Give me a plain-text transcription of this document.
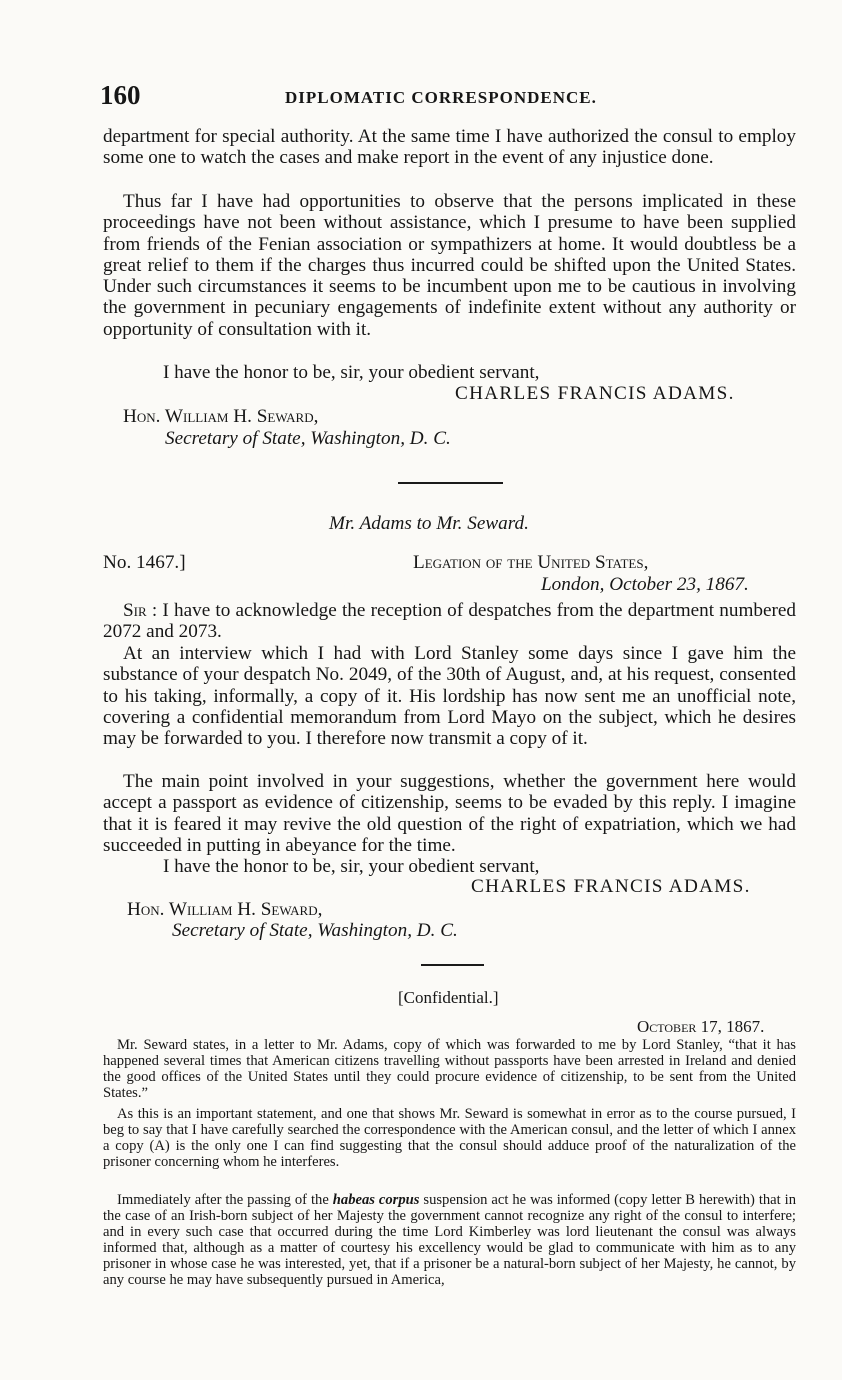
160	DIPLOMATIC CORRESPONDENCE.

department for special authority. At the same time I have authorized the consul to employ some one to watch the cases and make report in the event of any injustice done.

Thus far I have had opportunities to observe that the persons implicated in these proceedings have not been without assistance, which I presume to have been supplied from friends of the Fenian association or sympathizers at home. It would doubtless be a great relief to them if the charges thus incurred could be shifted upon the United States. Under such circumstances it seems to be incumbent upon me to be cautious in involving the government in pecuniary engagements of indefinite extent without any authority or opportunity of consultation with it.

I have the honor to be, sir, your obedient servant,
CHARLES FRANCIS ADAMS.
Hon. William H. Seward,
Secretary of State, Washington, D. C.
Mr. Adams to Mr. Seward.
No. 1467.]	Legation of the United States,
London, October 23, 1867.

Sir : I have to acknowledge the reception of despatches from the department numbered 2072 and 2073.

At an interview which I had with Lord Stanley some days since I gave him the substance of your despatch No. 2049, of the 30th of August, and, at his request, consented to his taking, informally, a copy of it. His lordship has now sent me an unofficial note, covering a confidential memorandum from Lord Mayo on the subject, which he desires may be forwarded to you. I therefore now transmit a copy of it.

The main point involved in your suggestions, whether the government here would accept a passport as evidence of citizenship, seems to be evaded by this reply. I imagine that it is feared it may revive the old question of the right of expatriation, which we had succeeded in putting in abeyance for the time.

I have the honor to be, sir, your obedient servant,
CHARLES FRANCIS ADAMS.
Hon. William H. Seward,
Secretary of State, Washington, D. C.
[Confidential.]
October 17, 1867.

Mr. Seward states, in a letter to Mr. Adams, copy of which was forwarded to me by Lord Stanley, “that it has happened several times that American citizens travelling without passports have been arrested in Ireland and denied the good offices of the United States until they could procure evidence of citizenship, to be sent from the United States.”

As this is an important statement, and one that shows Mr. Seward is somewhat in error as to the course pursued, I beg to say that I have carefully searched the correspondence with the American consul, and the letter of which I annex a copy (A) is the only one I can find suggesting that the consul should adduce proof of the naturalization of the prisoner concerning whom he interferes.

Immediately after the passing of the habeas corpus suspension act he was informed (copy letter B herewith) that in the case of an Irish-born subject of her Majesty the government cannot recognize any right of the consul to interfere; and in every such case that occurred during the time Lord Kimberley was lord lieutenant the consul was always informed that, although as a matter of courtesy his excellency would be glad to communicate with him as to any prisoner in whose case he was interested, yet, that if a prisoner be a natural-born subject of her Majesty, he cannot, by any course he may have subsequently pursued in America,
